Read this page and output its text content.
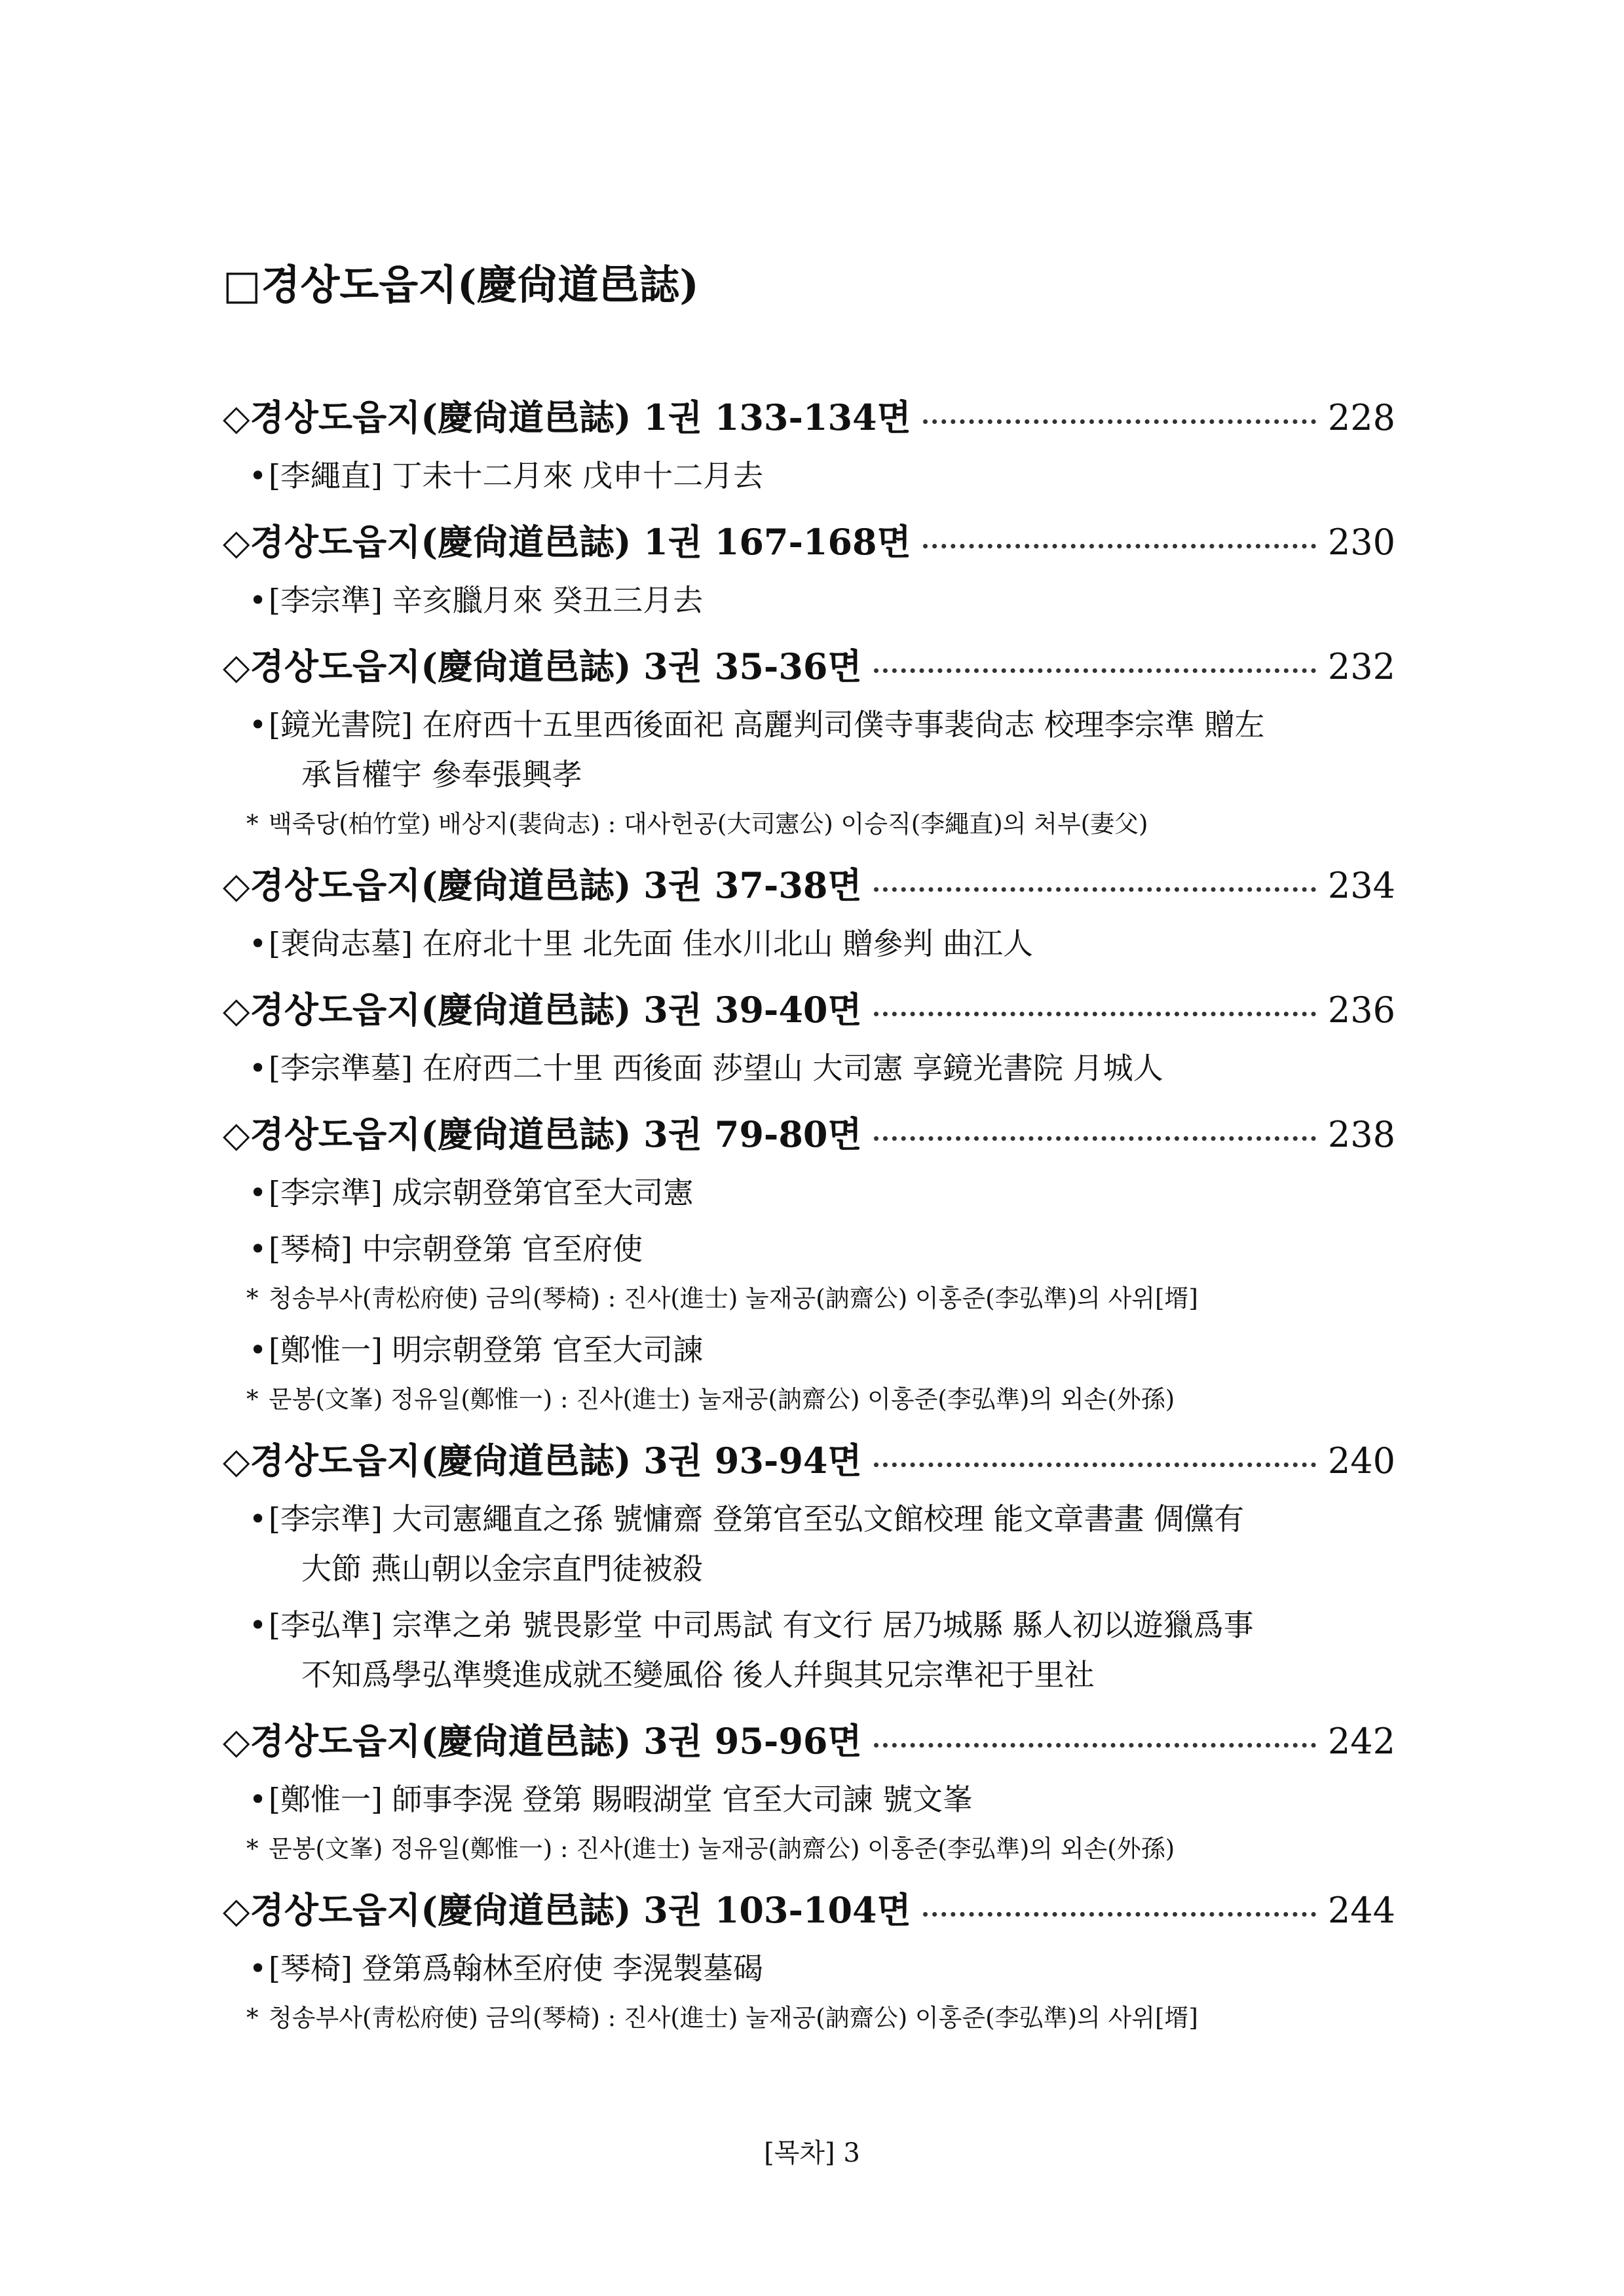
□경상도읍지(慶尙道邑誌)
◇경상도읍지(慶尙道邑誌) 1권 133-134면	228
• [李繩直] 丁未十二月來 戊申十二月去
◇경상도읍지(慶尙道邑誌) 1권 167-168면	230
• [李宗準] 辛亥臘月來 癸丑三月去
◇경상도읍지(慶尙道邑誌) 3권 35-36면	232
• [鏡光書院] 在府西十五里西後面祀 高麗判司僕寺事裴尙志 校理李宗準 贈左
承旨權宇 參奉張興孝
* 백죽당(柏竹堂) 배상지(裴尙志) : 대사헌공(大司憲公) 이승직(李繩直)의 처부(妻父)
◇경상도읍지(慶尙道邑誌) 3권 37-38면	234
• [裵尙志墓] 在府北十里 北先面 佳水川北山 贈參判 曲江人
◇경상도읍지(慶尙道邑誌) 3권 39-40면	236
• [李宗準墓] 在府西二十里 西後面 莎望山 大司憲 享鏡光書院 月城人
◇경상도읍지(慶尙道邑誌) 3권 79-80면	238
• [李宗準] 成宗朝登第官至大司憲
• [琴椅] 中宗朝登第 官至府使
* 청송부사(靑松府使) 금의(琴椅) : 진사(進士) 눌재공(訥齋公) 이홍준(李弘準)의 사위[壻]
• [鄭惟一] 明宗朝登第 官至大司諫
* 문봉(文峯) 정유일(鄭惟一) : 진사(進士) 눌재공(訥齋公) 이홍준(李弘準)의 외손(外孫)
◇경상도읍지(慶尙道邑誌) 3권 93-94면	240
• [李宗準] 大司憲繩直之孫 號慵齋 登第官至弘文館校理 能文章書畫 倜儻有
大節 燕山朝以金宗直門徒被殺
• [李弘準] 宗準之弟 號畏影堂 中司馬試 有文行 居乃城縣 縣人初以遊獵爲事
不知爲學弘準獎進成就丕變風俗 後人幷與其兄宗準祀于里社
◇경상도읍지(慶尙道邑誌) 3권 95-96면	242
• [鄭惟一] 師事李滉 登第 賜暇湖堂 官至大司諫 號文峯
* 문봉(文峯) 정유일(鄭惟一) : 진사(進士) 눌재공(訥齋公) 이홍준(李弘準)의 외손(外孫)
◇경상도읍지(慶尙道邑誌) 3권 103-104면	244
• [琴椅] 登第爲翰林至府使 李滉製墓碣
* 청송부사(靑松府使) 금의(琴椅) : 진사(進士) 눌재공(訥齋公) 이홍준(李弘準)의 사위[壻]
[목차] 3
